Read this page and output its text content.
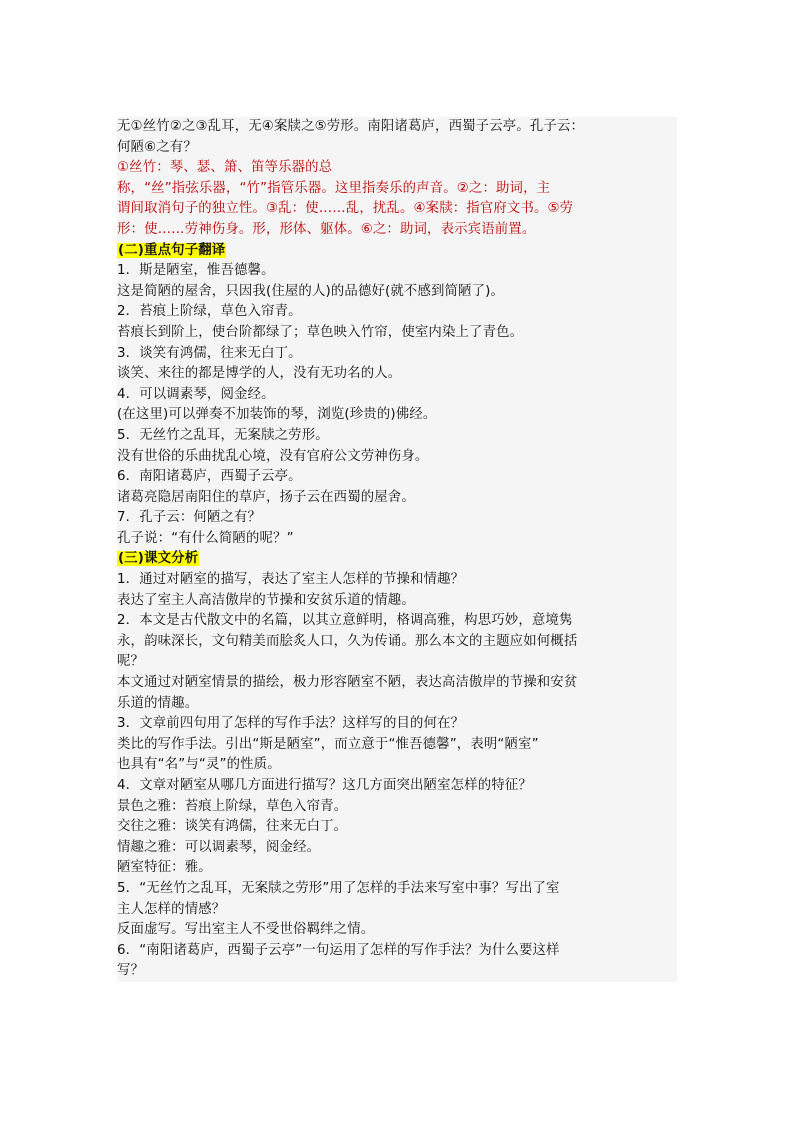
无①丝竹②之③乱耳，无④案牍之⑤劳形。南阳诸葛庐，西蜀子云亭。孔子云：
何陋⑥之有？
①丝竹：琴、瑟、箫、笛等乐器的总
称，“丝”指弦乐器，“竹”指管乐器。这里指奏乐的声音。②之：助词，主
谓间取消句子的独立性。③乱：使……乱，扰乱。④案牍：指官府文书。⑤劳
形：使……劳神伤身。形，形体、躯体。⑥之：助词，表示宾语前置。
(二)重点句子翻译
1．斯是陋室，惟吾德馨。
这是简陋的屋舍，只因我(住屋的人)的品德好(就不感到简陋了)。
2．苔痕上阶绿，草色入帘青。
苔痕长到阶上，使台阶都绿了；草色映入竹帘，使室内染上了青色。
3．谈笑有鸿儒，往来无白丁。
谈笑、来往的都是博学的人，没有无功名的人。
4．可以调素琴，阅金经。
(在这里)可以弹奏不加装饰的琴，浏览(珍贵的)佛经。
5．无丝竹之乱耳，无案牍之劳形。
没有世俗的乐曲扰乱心境，没有官府公文劳神伤身。
6．南阳诸葛庐，西蜀子云亭。
诸葛亮隐居南阳住的草庐，扬子云在西蜀的屋舍。
7．孔子云：何陋之有？
孔子说：“有什么简陋的呢？”
(三)课文分析
1．通过对陋室的描写，表达了室主人怎样的节操和情趣？
表达了室主人高洁傲岸的节操和安贫乐道的情趣。
2．本文是古代散文中的名篇，以其立意鲜明，格调高雅，构思巧妙，意境隽
永，韵味深长，文句精美而脍炙人口，久为传诵。那么本文的主题应如何概括
呢？
本文通过对陋室情景的描绘，极力形容陋室不陋，表达高洁傲岸的节操和安贫
乐道的情趣。
3．文章前四句用了怎样的写作手法？这样写的目的何在？
类比的写作手法。引出“斯是陋室”，而立意于“惟吾德馨”，表明“陋室”
也具有“名”与“灵”的性质。
4．文章对陋室从哪几方面进行描写？这几方面突出陋室怎样的特征？
景色之雅：苔痕上阶绿，草色入帘青。
交往之雅：谈笑有鸿儒，往来无白丁。
情趣之雅：可以调素琴，阅金经。
陋室特征：雅。
5．“无丝竹之乱耳，无案牍之劳形”用了怎样的手法来写室中事？写出了室
主人怎样的情感？
反面虚写。写出室主人不受世俗羁绊之情。
6．“南阳诸葛庐，西蜀子云亭”一句运用了怎样的写作手法？为什么要这样
写？
